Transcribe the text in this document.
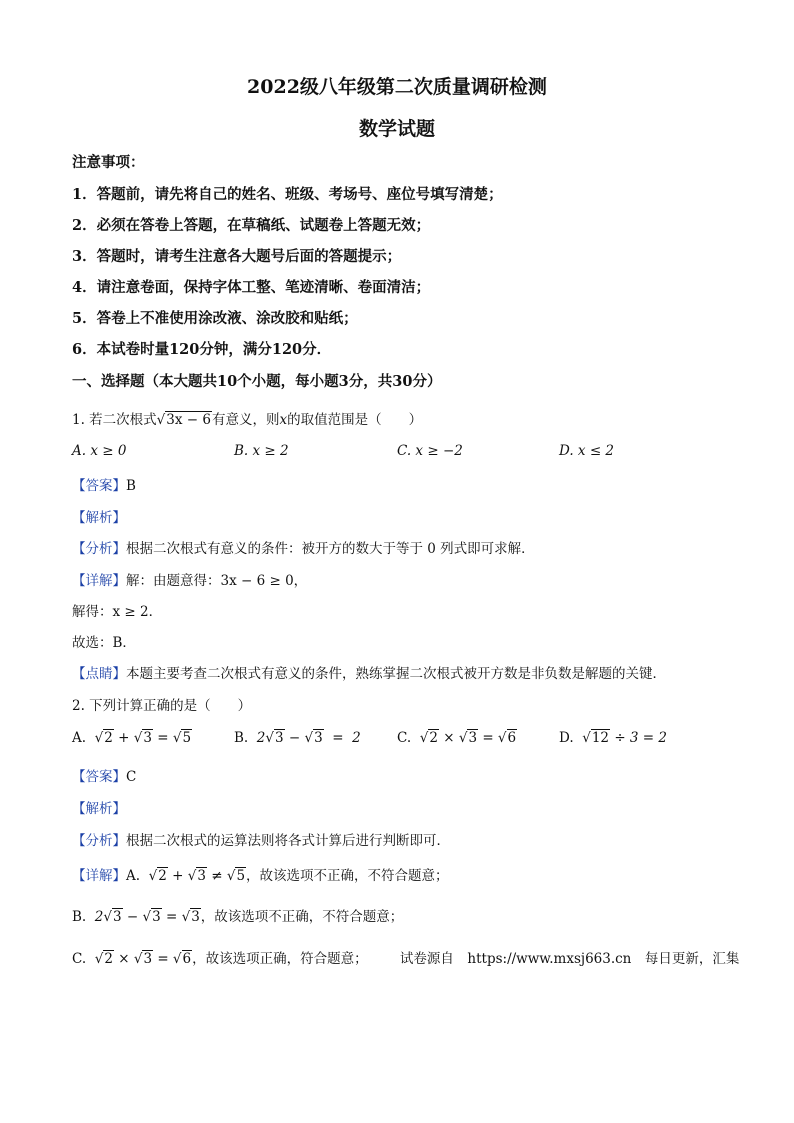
2022级八年级第二次质量调研检测
数学试题
注意事项：
1．答题前，请先将自己的姓名、班级、考场号、座位号填写清楚；
2．必须在答卷上答题，在草稿纸、试题卷上答题无效；
3．答题时，请考生注意各大题号后面的答题提示；
4．请注意卷面，保持字体工整、笔迹清晰、卷面清洁；
5．答卷上不准使用涂改液、涂改胶和贴纸；
6．本试卷时量120分钟，满分120分．
一、选择题（本大题共10个小题，每小题3分，共30分）
1. 若二次根式√3x − 6有意义，则x的取值范围是（　　）
A. x ≥ 0	B. x ≥ 2	C. x ≥ −2	D. x ≤ 2
【答案】B
【解析】
【分析】根据二次根式有意义的条件：被开方的数大于等于 0 列式即可求解．
【详解】解：由题意得：3x − 6 ≥ 0，
解得：x ≥ 2．
故选：B．
【点睛】本题主要考查二次根式有意义的条件，熟练掌握二次根式被开方数是非负数是解题的关键．
2. 下列计算正确的是（　　）
A.  √2 + √3 = √5	B.  2√3 − √3  =  2	C.  √2 × √3 = √6	D.  √12 ÷ 3 = 2
【答案】C
【解析】
【分析】根据二次根式的运算法则将各式计算后进行判断即可．
【详解】A.  √2 + √3 ≠ √5，故该选项不正确，不符合题意；
B.  2√3 − √3 = √3，故该选项不正确，不符合题意；
C.  √2 × √3 = √6，故该选项正确，符合题意； 试卷源自　https://www.mxsj663.cn　每日更新，汇集
